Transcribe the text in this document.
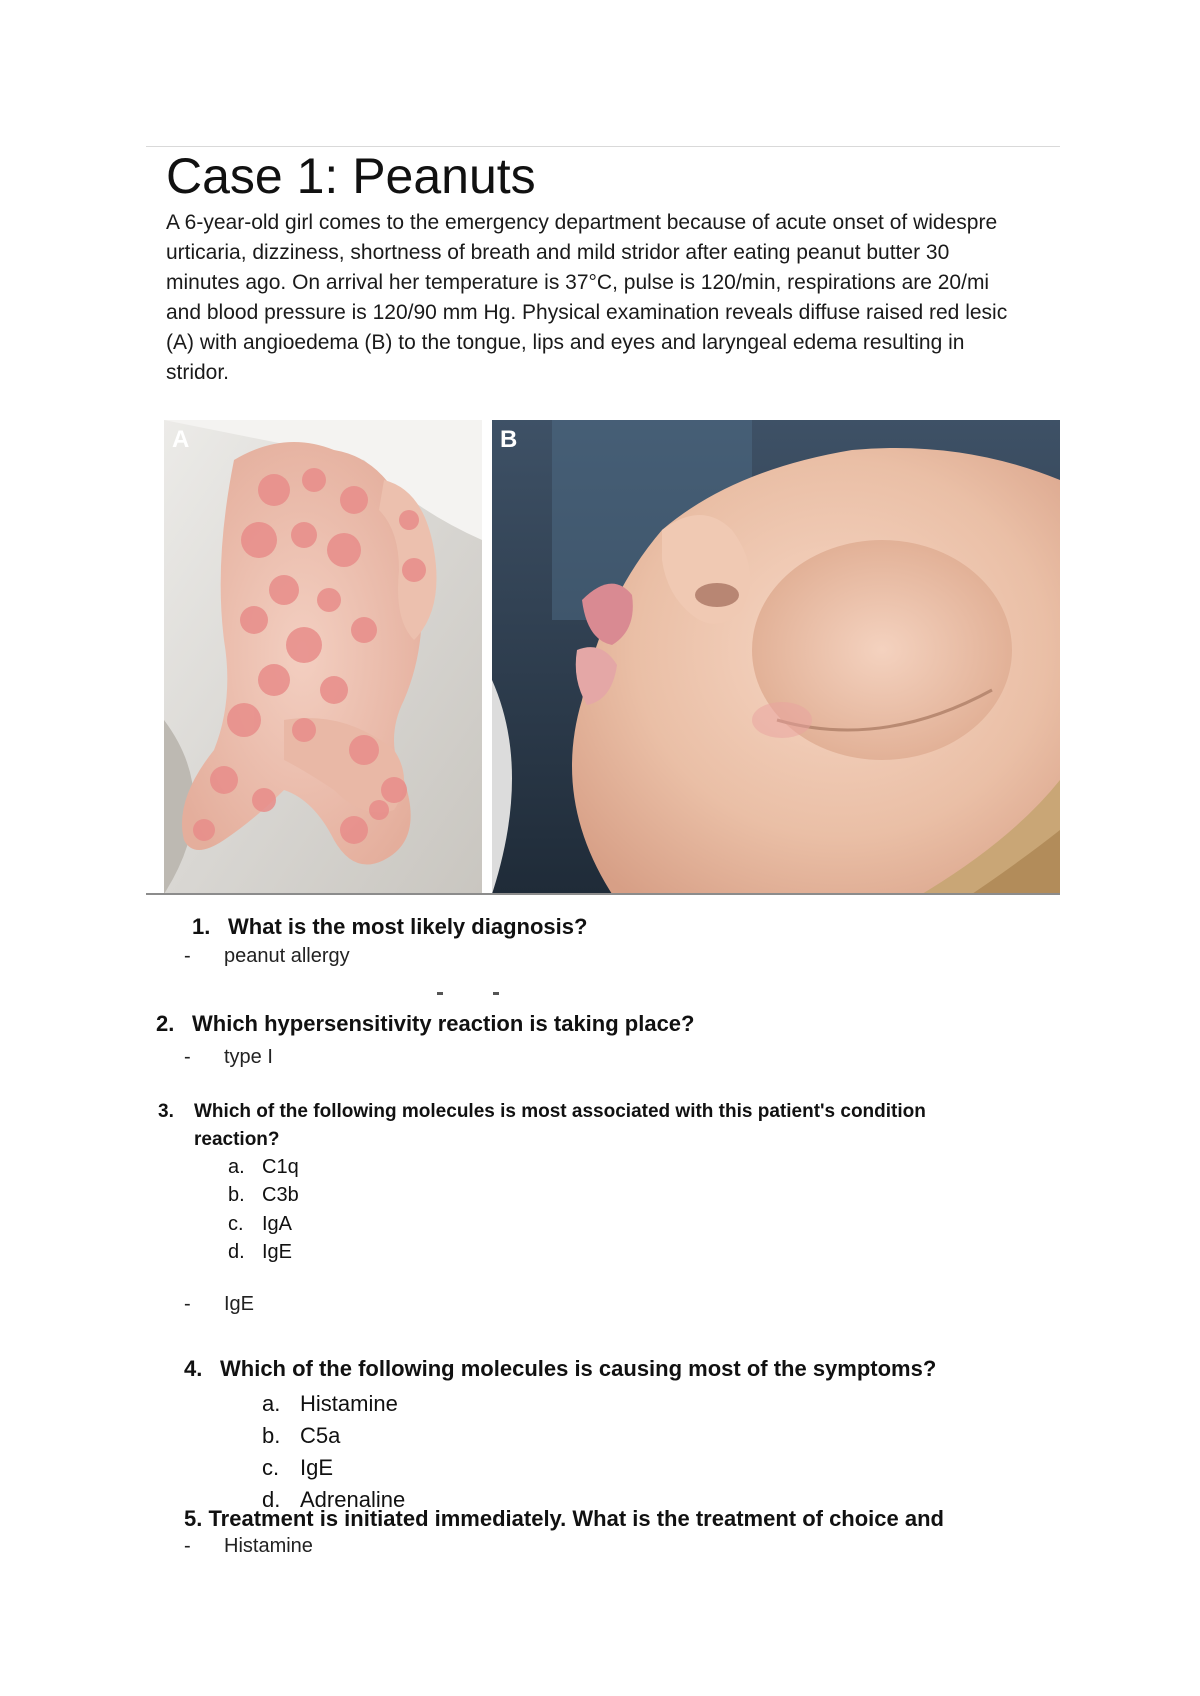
Case 1: Peanuts
A 6-year-old girl comes to the emergency department because of acute onset of widespre
urticaria, dizziness, shortness of breath and mild stridor after eating peanut butter 30
minutes ago. On arrival her temperature is 37°C, pulse is 120/min, respirations are 20/mi
and blood pressure is 120/90 mm Hg. Physical examination reveals diffuse raised red lesic
(A) with angioedema (B) to the tongue, lips and eyes and laryngeal edema resulting in
stridor.
A	B
1. What is the most likely diagnosis?
- peanut allergy
2. Which hypersensitivity reaction is taking place?
- type I
3. Which of the following molecules is most associated with this patient's condition
reaction?
a. C1q
b. C3b
c. IgA
d. IgE
- IgE
4. Which of the following molecules is causing most of the symptoms?
a. Histamine
b. C5a
c. IgE
d. Adrenaline
5. Treatment is initiated immediately. What is the treatment of choice and
- Histamine
